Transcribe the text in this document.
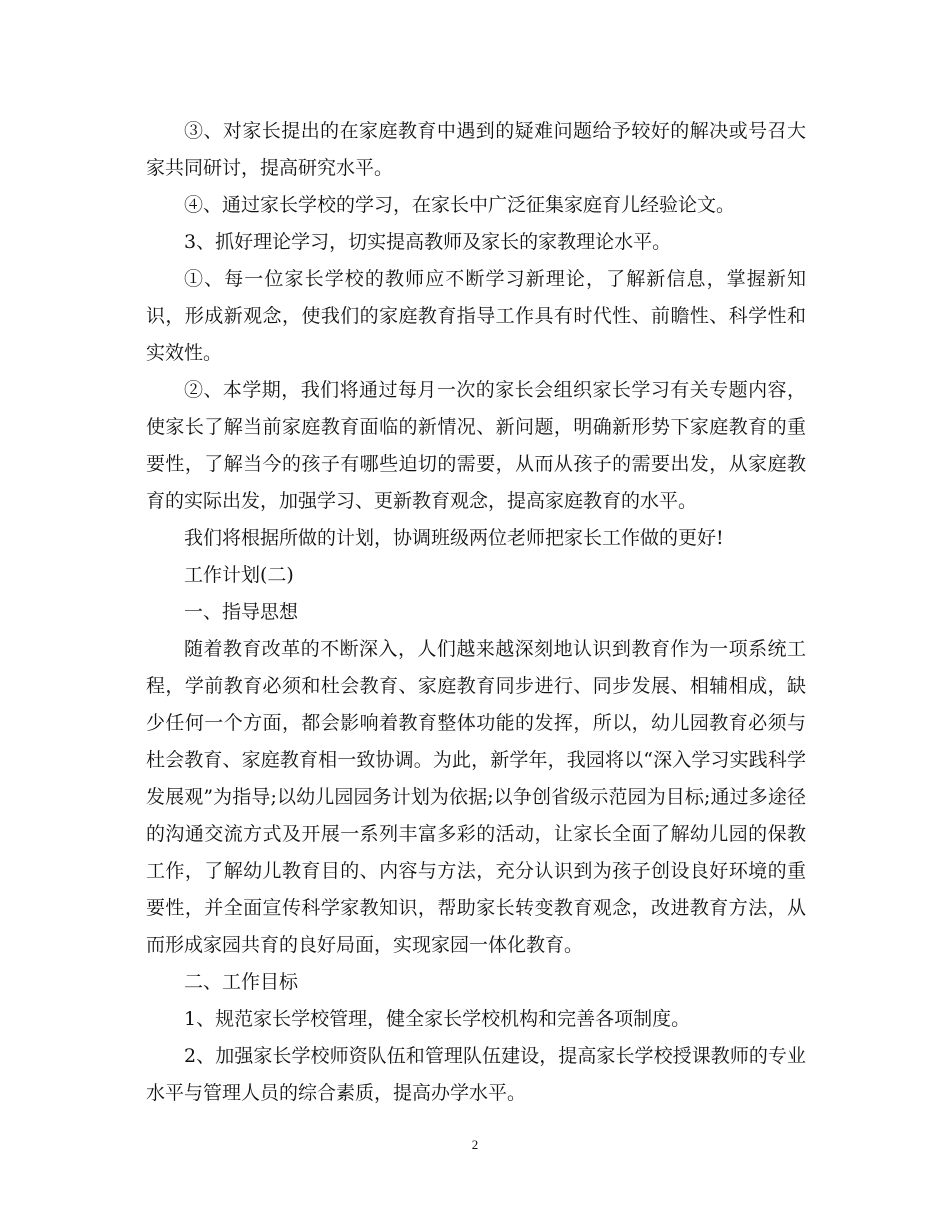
③、对家长提出的在家庭教育中遇到的疑难问题给予较好的解决或号召大家共同研讨，提高研究水平。

④、通过家长学校的学习，在家长中广泛征集家庭育儿经验论文。

3、抓好理论学习，切实提高教师及家长的家教理论水平。

①、每一位家长学校的教师应不断学习新理论，了解新信息，掌握新知识，形成新观念，使我们的家庭教育指导工作具有时代性、前瞻性、科学性和实效性。

②、本学期，我们将通过每月一次的家长会组织家长学习有关专题内容，使家长了解当前家庭教育面临的新情况、新问题，明确新形势下家庭教育的重要性，了解当今的孩子有哪些迫切的需要，从而从孩子的需要出发，从家庭教育的实际出发，加强学习、更新教育观念，提高家庭教育的水平。

我们将根据所做的计划，协调班级两位老师把家长工作做的更好!

工作计划(二)

一、指导思想

随着教育改革的不断深入，人们越来越深刻地认识到教育作为一项系统工程，学前教育必须和杜会教育、家庭教育同步进行、同步发展、相辅相成，缺少任何一个方面，都会影响着教育整体功能的发挥，所以，幼儿园教育必须与杜会教育、家庭教育相一致协调。为此，新学年，我园将以“深入学习实践科学发展观”为指导;以幼儿园园务计划为依据;以争创省级示范园为目标;通过多途径的沟通交流方式及开展一系列丰富多彩的活动，让家长全面了解幼儿园的保教工作，了解幼儿教育目的、内容与方法，充分认识到为孩子创设良好环境的重要性，并全面宣传科学家教知识，帮助家长转变教育观念，改进教育方法，从而形成家园共育的良好局面，实现家园一体化教育。

二、工作目标

1、规范家长学校管理，健全家长学校机构和完善各项制度。

2、加强家长学校师资队伍和管理队伍建设，提高家长学校授课教师的专业水平与管理人员的综合素质，提高办学水平。

2
